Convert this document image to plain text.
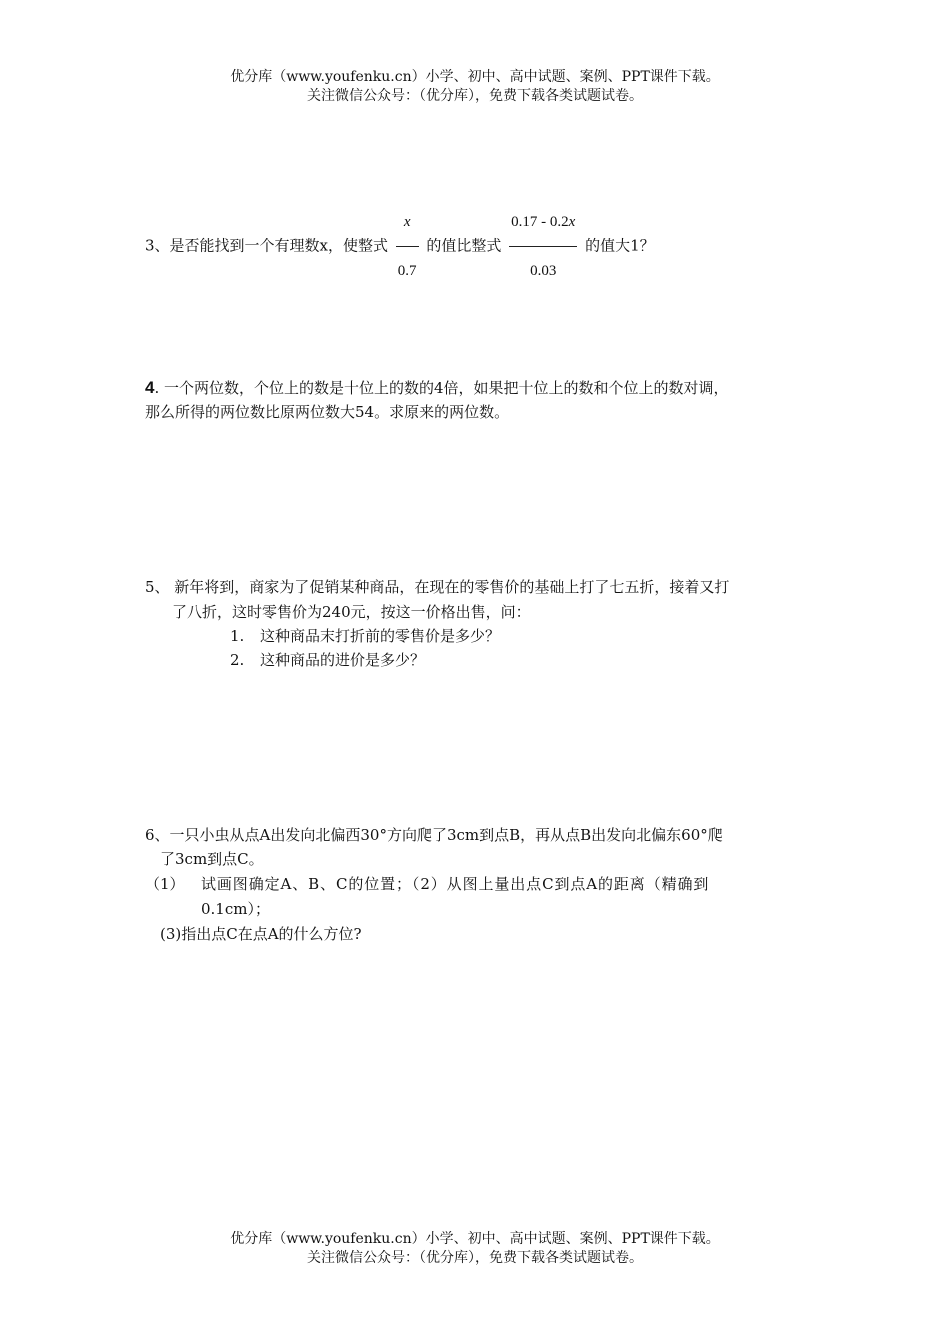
优分库（www.youfenku.cn）小学、初中、高中试题、案例、PPT课件下载。
关注微信公众号：（优分库），免费下载各类试题试卷。
3、是否能找到一个有理数x，使整式 $\frac{x}{0.7}$ 的值比整式 $\frac{0.17 - 0.2x}{0.03}$ 的值大1？
4. 一个两位数，个位上的数是十位上的数的4倍，如果把十位上的数和个位上的数对调，
那么所得的两位数比原两位数大54。求原来的两位数。
5、 新年将到，商家为了促销某种商品，在现在的零售价的基础上打了七五折，接着又打
了八折，这时零售价为240元，按这一价格出售，问：
1. 这种商品末打折前的零售价是多少？
2. 这种商品的进价是多少？
6、一只小虫从点A出发向北偏西30°方向爬了3cm到点B，再从点B出发向北偏东60°爬
了3cm到点C。
（1） 试画图确定A、B、C的位置；（2）从图上量出点C到点A的距离（精确到
0.1cm）；
(3)指出点C在点A的什么方位?
优分库（www.youfenku.cn）小学、初中、高中试题、案例、PPT课件下载。
关注微信公众号：（优分库），免费下载各类试题试卷。
